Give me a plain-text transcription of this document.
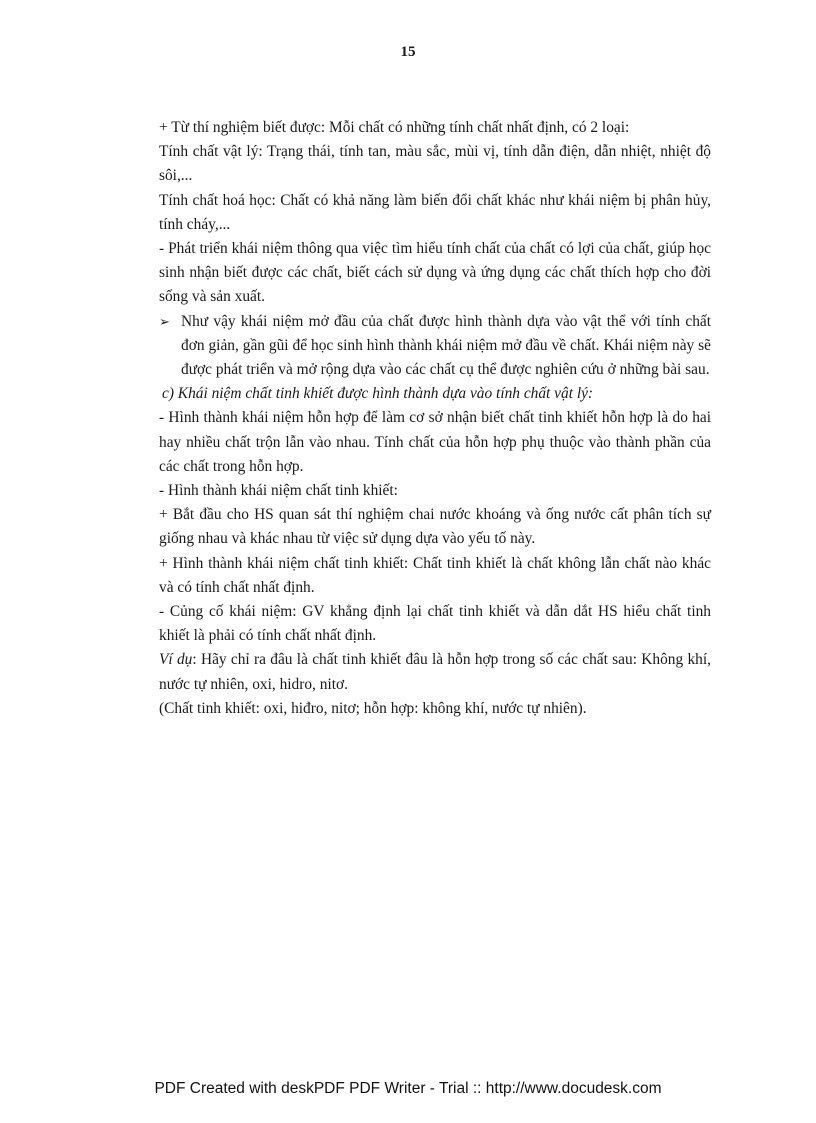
15

+ Từ thí nghiệm biết được: Mỗi chất có những tính chất nhất định, có 2 loại:

Tính chất vật lý: Trạng thái, tính tan, màu sắc, mùi vị, tính dẫn điện, dẫn nhiệt, nhiệt độ sôi,...

Tính chất hoá học: Chất có khả năng làm biến đổi chất khác như khái niệm bị phân hủy, tính cháy,...

- Phát triển khái niệm thông qua việc tìm hiểu tính chất của chất có lợi của chất, giúp học sinh nhận biết được các chất, biết cách sử dụng và ứng dụng các chất thích hợp cho đời sống và sản xuất.

➢ Như vậy khái niệm mở đầu của chất được hình thành dựa vào vật thể với tính chất đơn giản, gần gũi để học sinh hình thành khái niệm mở đầu về chất. Khái niệm này sẽ được phát triển và mở rộng dựa vào các chất cụ thể được nghiên cứu ở những bài sau.

c) Khái niệm chất tinh khiết được hình thành dựa vào tính chất vật lý:

- Hình thành khái niệm hỗn hợp để làm cơ sở nhận biết chất tinh khiết hỗn hợp là do hai hay nhiều chất trộn lẫn vào nhau. Tính chất của hỗn hợp phụ thuộc vào thành phần của các chất trong hỗn hợp.

- Hình thành khái niệm chất tinh khiết:

+ Bắt đầu cho HS quan sát thí nghiệm chai nước khoáng và ống nước cất phân tích sự giống nhau và khác nhau từ việc sử dụng dựa vào yếu tố này.

+ Hình thành khái niệm chất tinh khiết: Chất tinh khiết là chất không lẫn chất nào khác và có tính chất nhất định.

- Củng cố khái niệm: GV khẳng định lại chất tinh khiết và dẫn dắt HS hiểu chất tinh khiết là phải có tính chất nhất định.

Ví dụ: Hãy chỉ ra đâu là chất tinh khiết đâu là hỗn hợp trong số các chất sau: Không khí, nước tự nhiên, oxi, hidro, nitơ.

(Chất tinh khiết: oxi, hiđro, nitơ; hỗn hợp: không khí, nước tự nhiên).

PDF Created with deskPDF PDF Writer - Trial :: http://www.docudesk.com
